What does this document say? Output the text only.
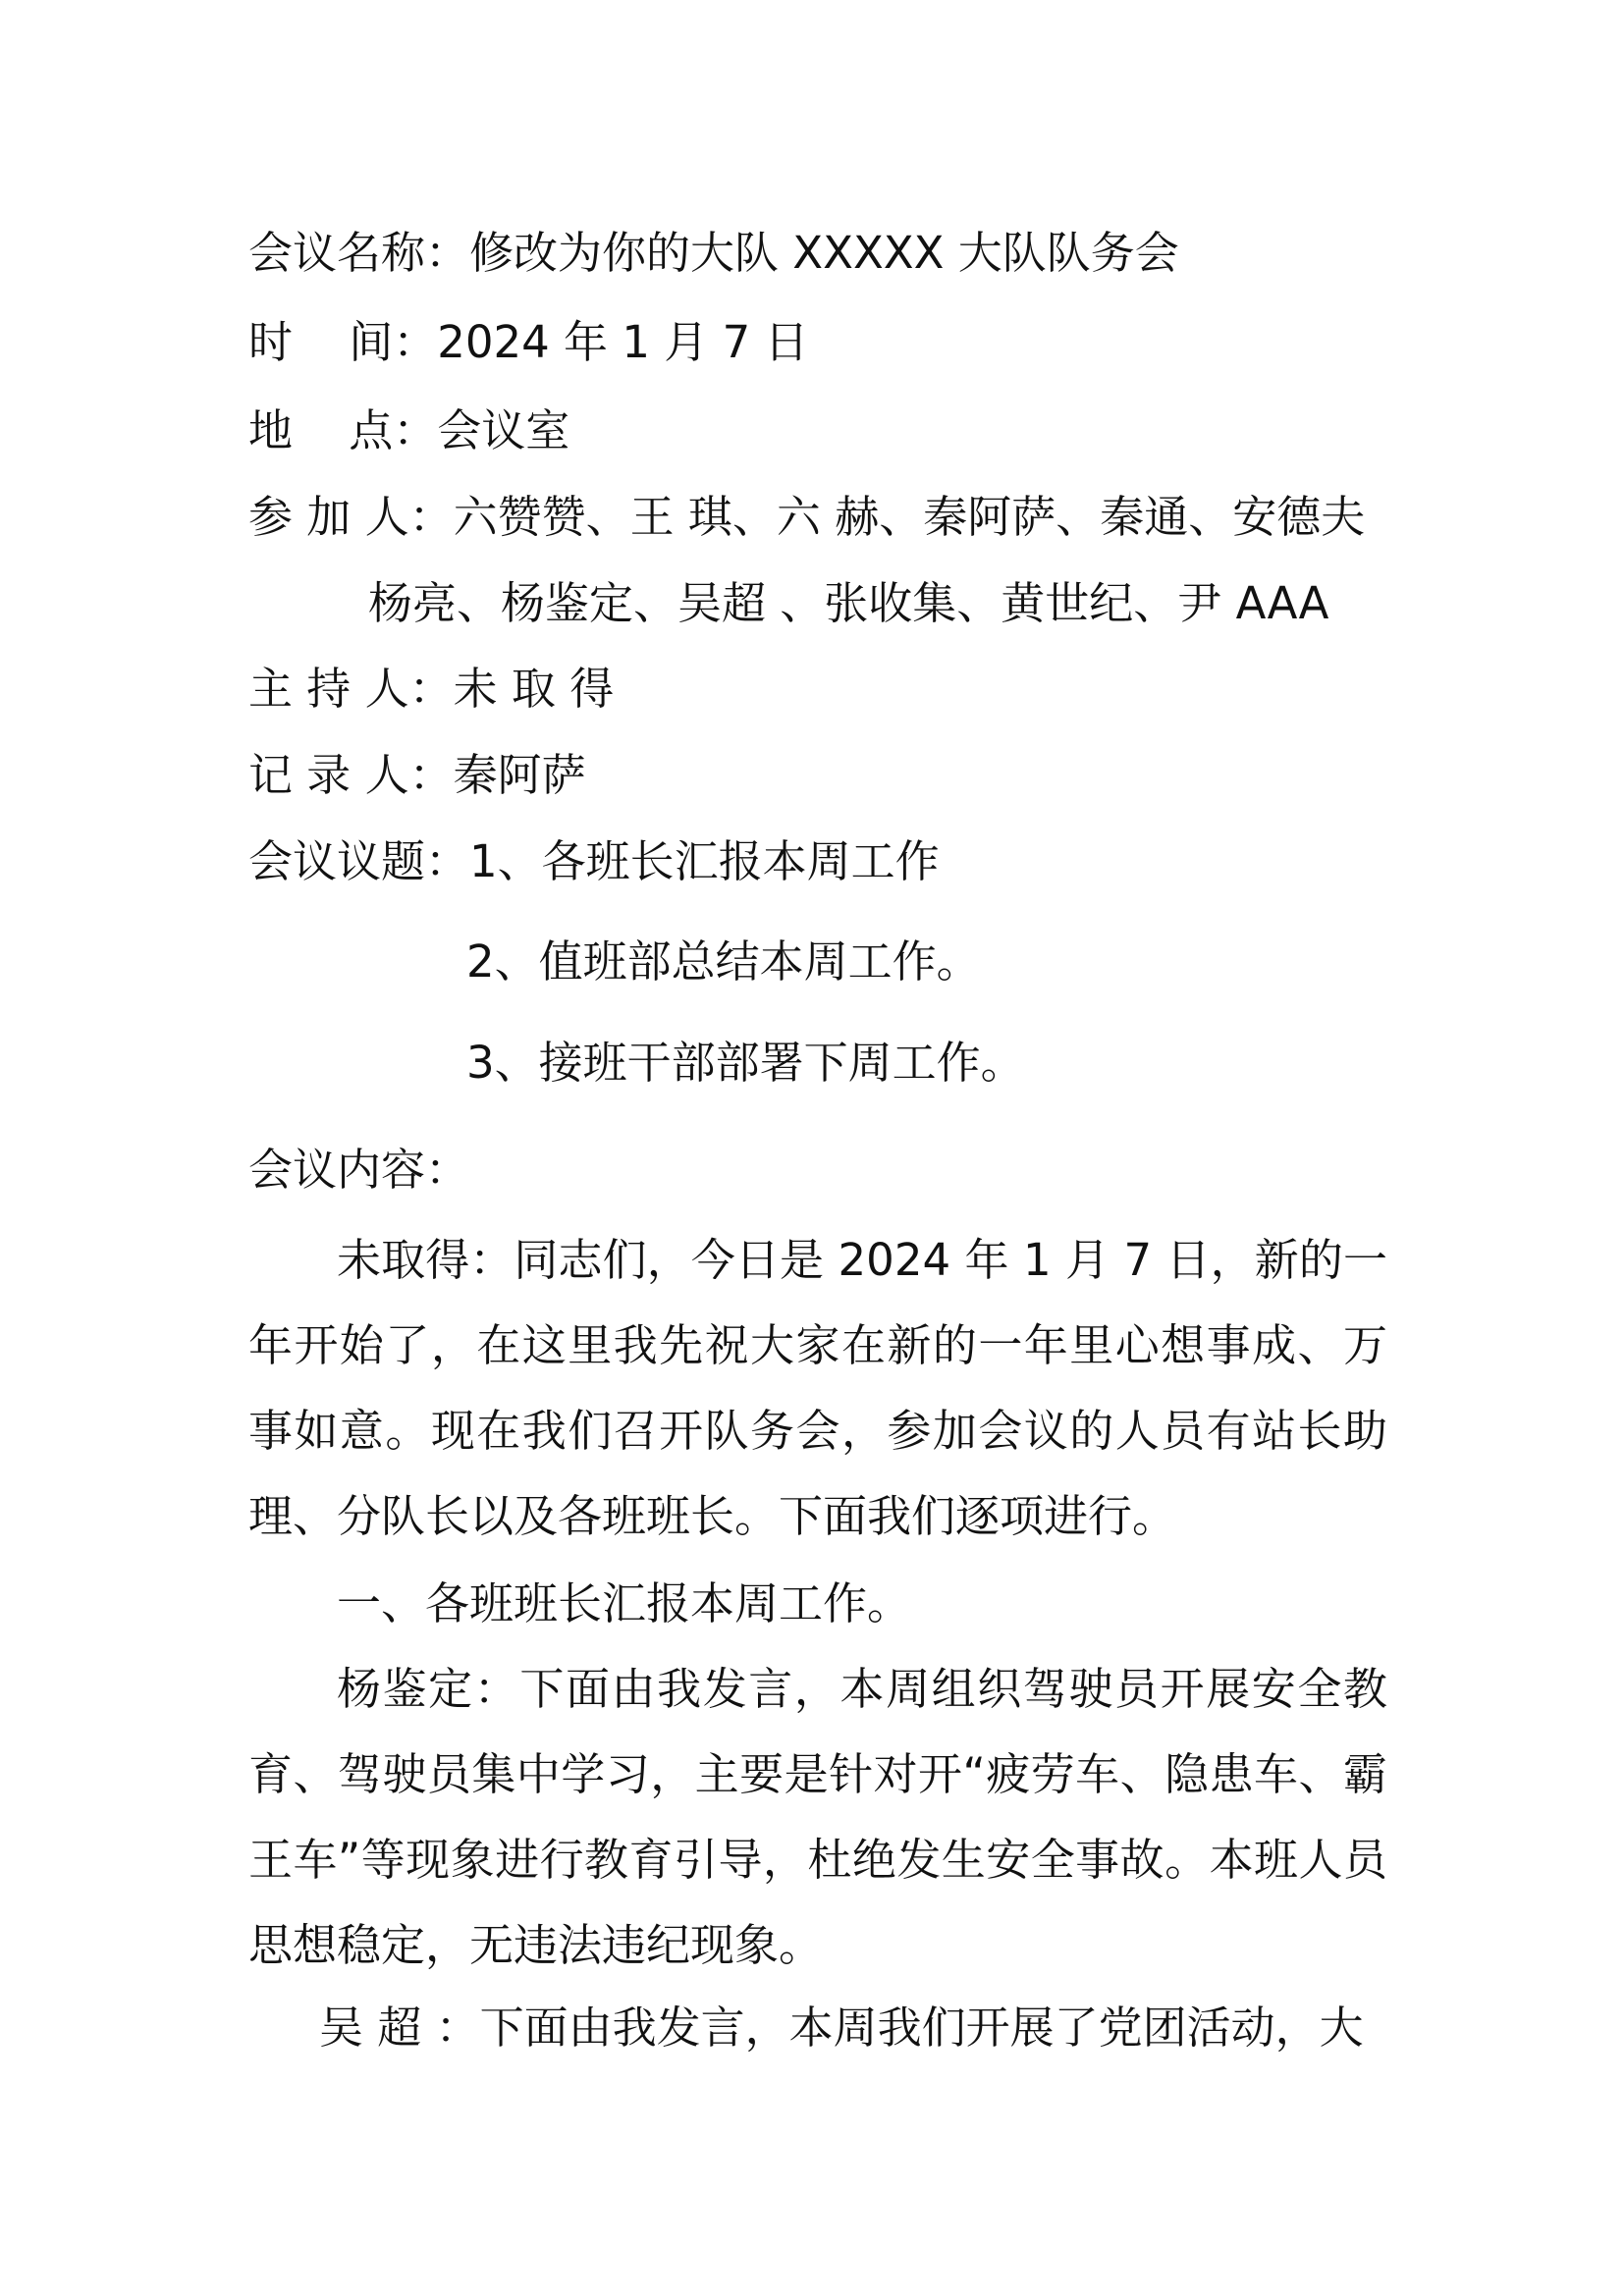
会议名称：修改为你的大队 XXXXX 大队队务会
时    间：2024 年 1 月 7 日
地    点：会议室
参 加 人：六赞赞、王 琪、六 赫、秦阿萨、秦通、安德夫
杨亮、杨鉴定、吴超 、张收集、黄世纪、尹 AAA
主 持 人：未 取 得
记 录 人：秦阿萨
会议议题：1、各班长汇报本周工作
2、值班部总结本周工作。
3、接班干部部署下周工作。
会议内容：
未取得：同志们，今日是 2024 年 1 月 7 日，新的一年开始了，在这里我先祝大家在新的一年里心想事成、万事如意。现在我们召开队务会，参加会议的人员有站长助理、分队长以及各班班长。下面我们逐项进行。
一、各班班长汇报本周工作。
杨鉴定：下面由我发言，本周组织驾驶员开展安全教育、驾驶员集中学习，主要是针对开“疲劳车、隐患车、霸王车”等现象进行教育引导，杜绝发生安全事故。本班人员思想稳定，无违法违纪现象。
吴 超 ：下面由我发言，本周我们开展了党团活动，大
